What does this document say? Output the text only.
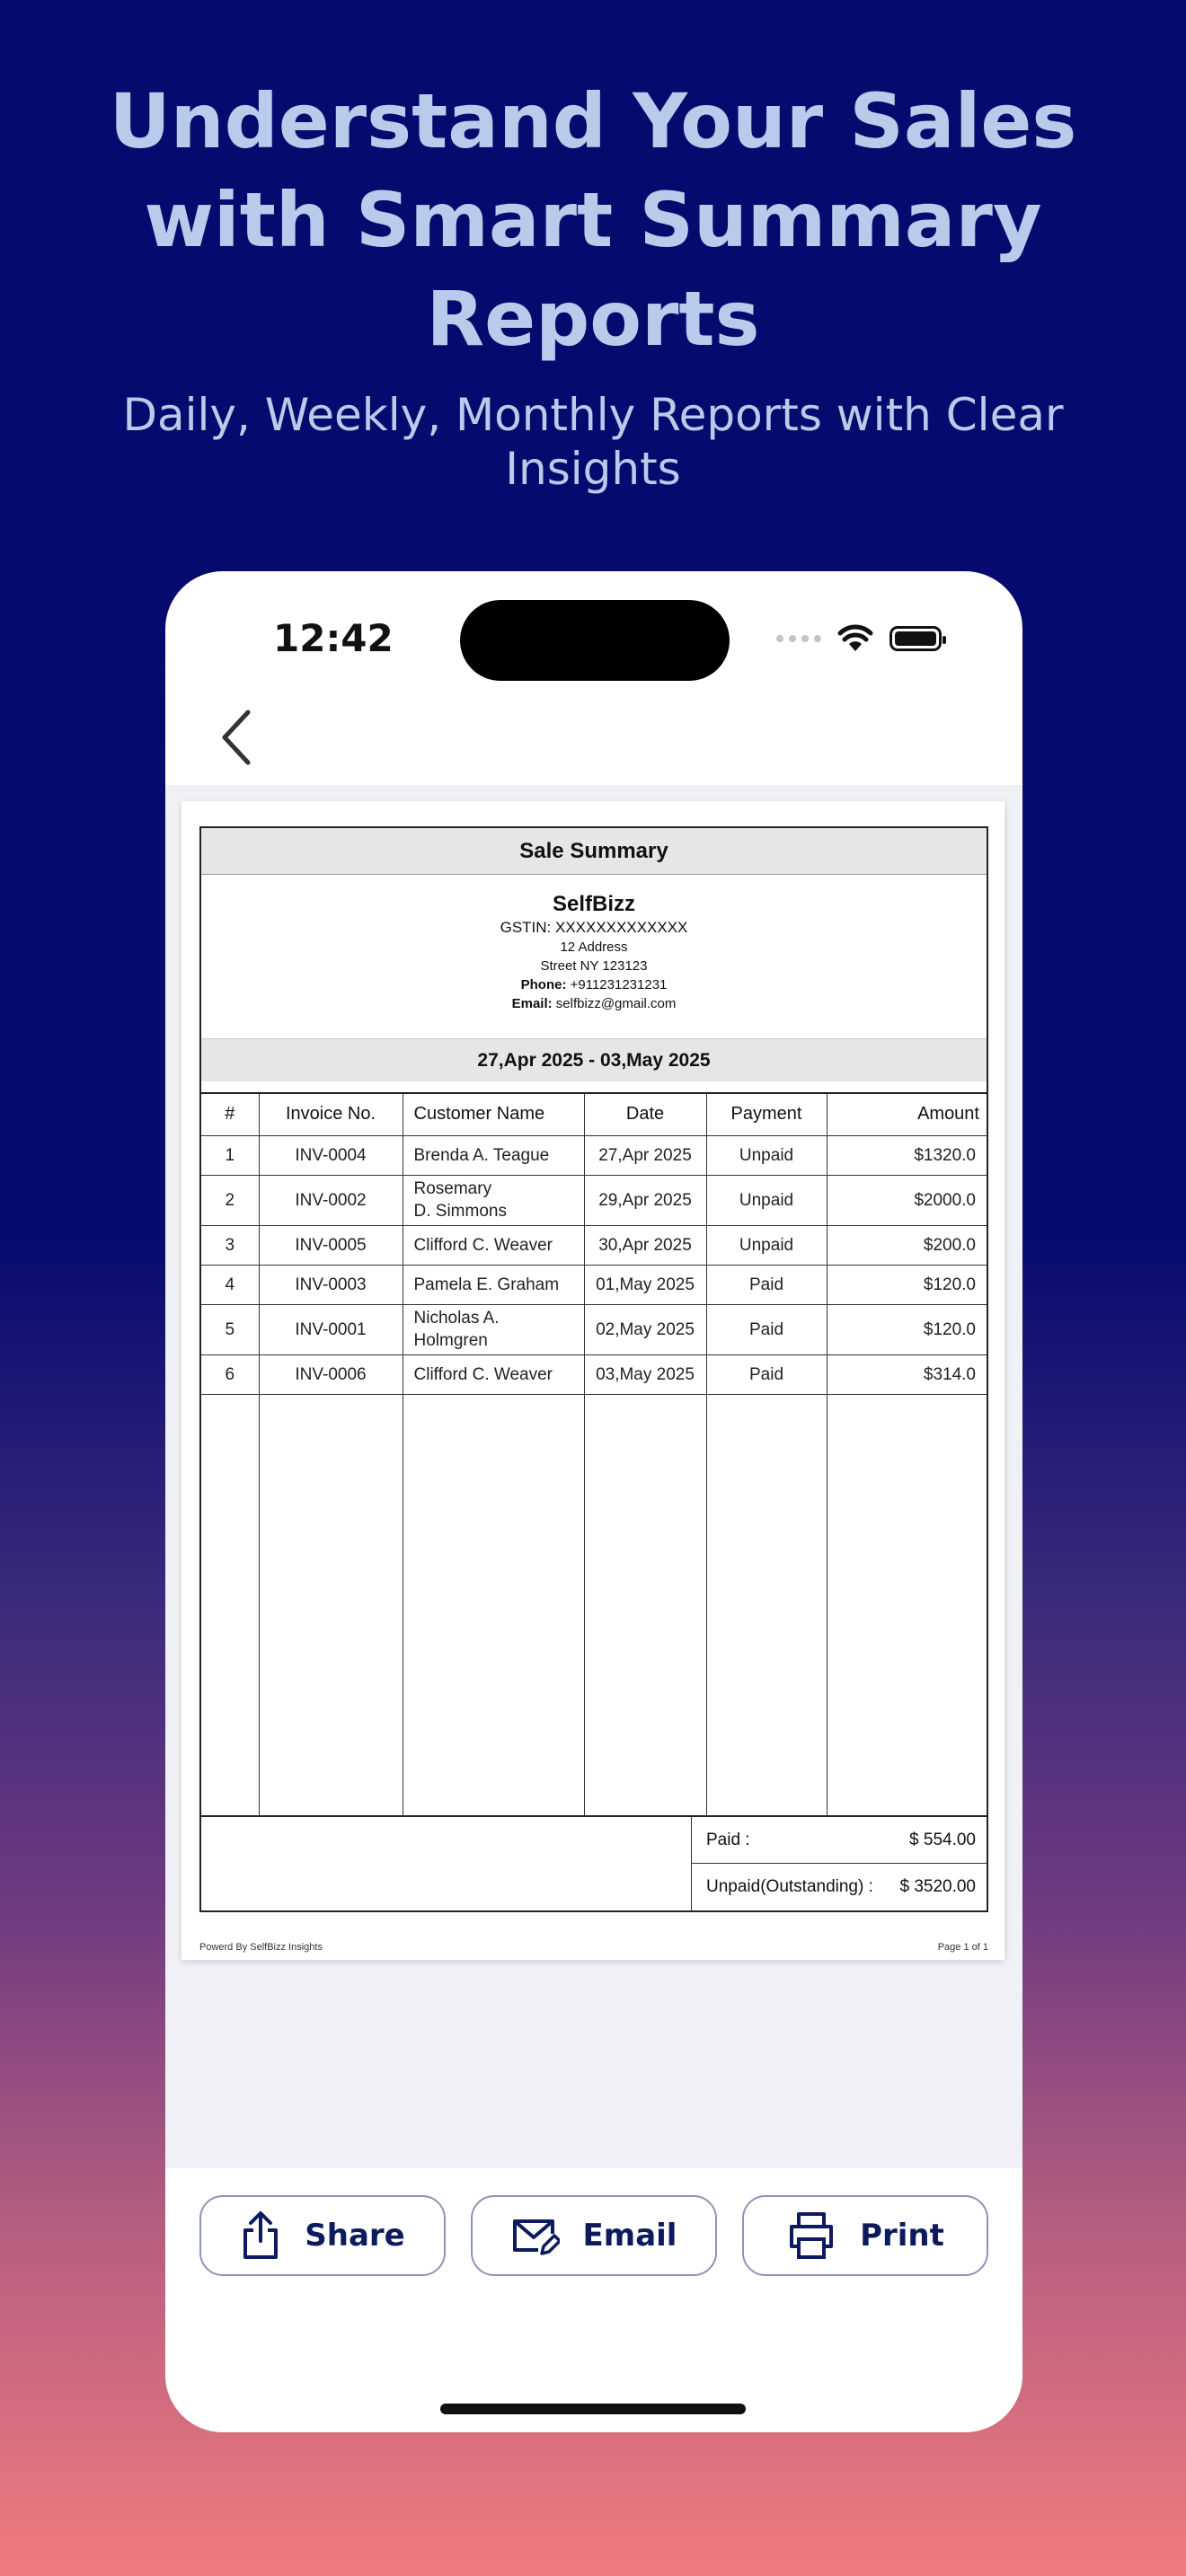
Understand Your Sales
with Smart Summary
Reports
Daily, Weekly, Monthly Reports with Clear Insights
12:42
Sale Summary
SelfBizz
GSTIN: XXXXXXXXXXXXX
12 Address
Street NY 123123
Phone: +911231231231
Email: selfbizz@gmail.com
27,Apr 2025 - 03,May 2025
#	Invoice No.	Customer Name	Date	Payment	Amount
1	INV-0004	Brenda A. Teague	27,Apr 2025	Unpaid	$1320.0
2	INV-0002	Rosemary
D. Simmons	29,Apr 2025	Unpaid	$2000.0
3	INV-0005	Clifford C. Weaver	30,Apr 2025	Unpaid	$200.0
4	INV-0003	Pamela E. Graham	01,May 2025	Paid	$120.0
5	INV-0001	Nicholas A.
Holmgren	02,May 2025	Paid	$120.0
6	INV-0006	Clifford C. Weaver	03,May 2025	Paid	$314.0

Paid :	$ 554.00
Unpaid(Outstanding) : $ 3520.00
Powerd By SelfBizz Insights	Page 1 of 1
Share	Email	Print
